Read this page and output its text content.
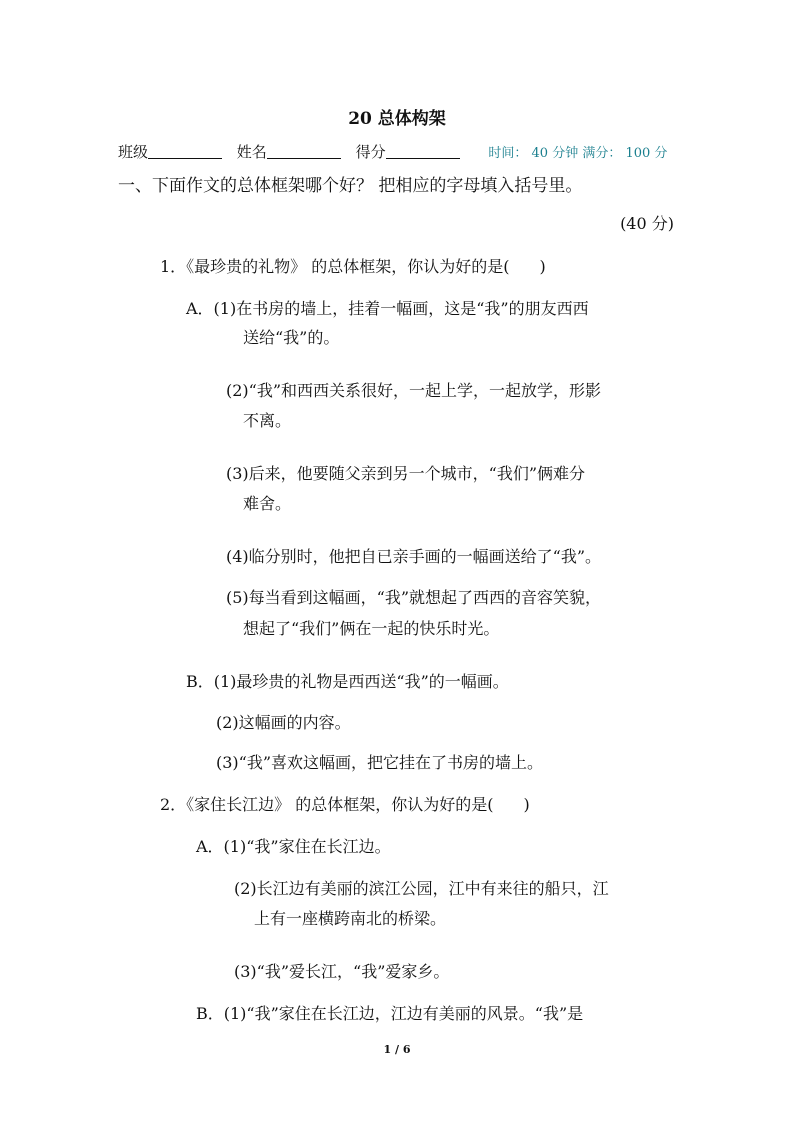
20 总体构架
班级	姓名	得分	时间： 40 分钟 满分： 100 分
一、下面作文的总体框架哪个好？ 把相应的字母填入括号里。
(40 分)
1．《最珍贵的礼物》 的总体框架，你认为好的是( )
A．(1)在书房的墙上，挂着一幅画，这是“我”的朋友西西
送给“我”的。
(2)“我”和西西关系很好，一起上学，一起放学，形影
不离。
(3)后来，他要随父亲到另一个城市，“我们”俩难分
难舍。
(4)临分别时，他把自已亲手画的一幅画送给了“我”。
(5)每当看到这幅画，“我”就想起了西西的音容笑貌，
想起了“我们”俩在一起的快乐时光。
B．(1)最珍贵的礼物是西西送“我”的一幅画。
(2)这幅画的内容。
(3)“我”喜欢这幅画，把它挂在了书房的墙上。
2．《家住长江边》 的总体框架，你认为好的是( )
A．(1)“我”家住在长江边。
(2)长江边有美丽的滨江公园，江中有来往的船只，江
上有一座横跨南北的桥梁。
(3)“我”爱长江，“我”爱家乡。
B．(1)“我”家住在长江边，江边有美丽的风景。“我”是
1 / 6
